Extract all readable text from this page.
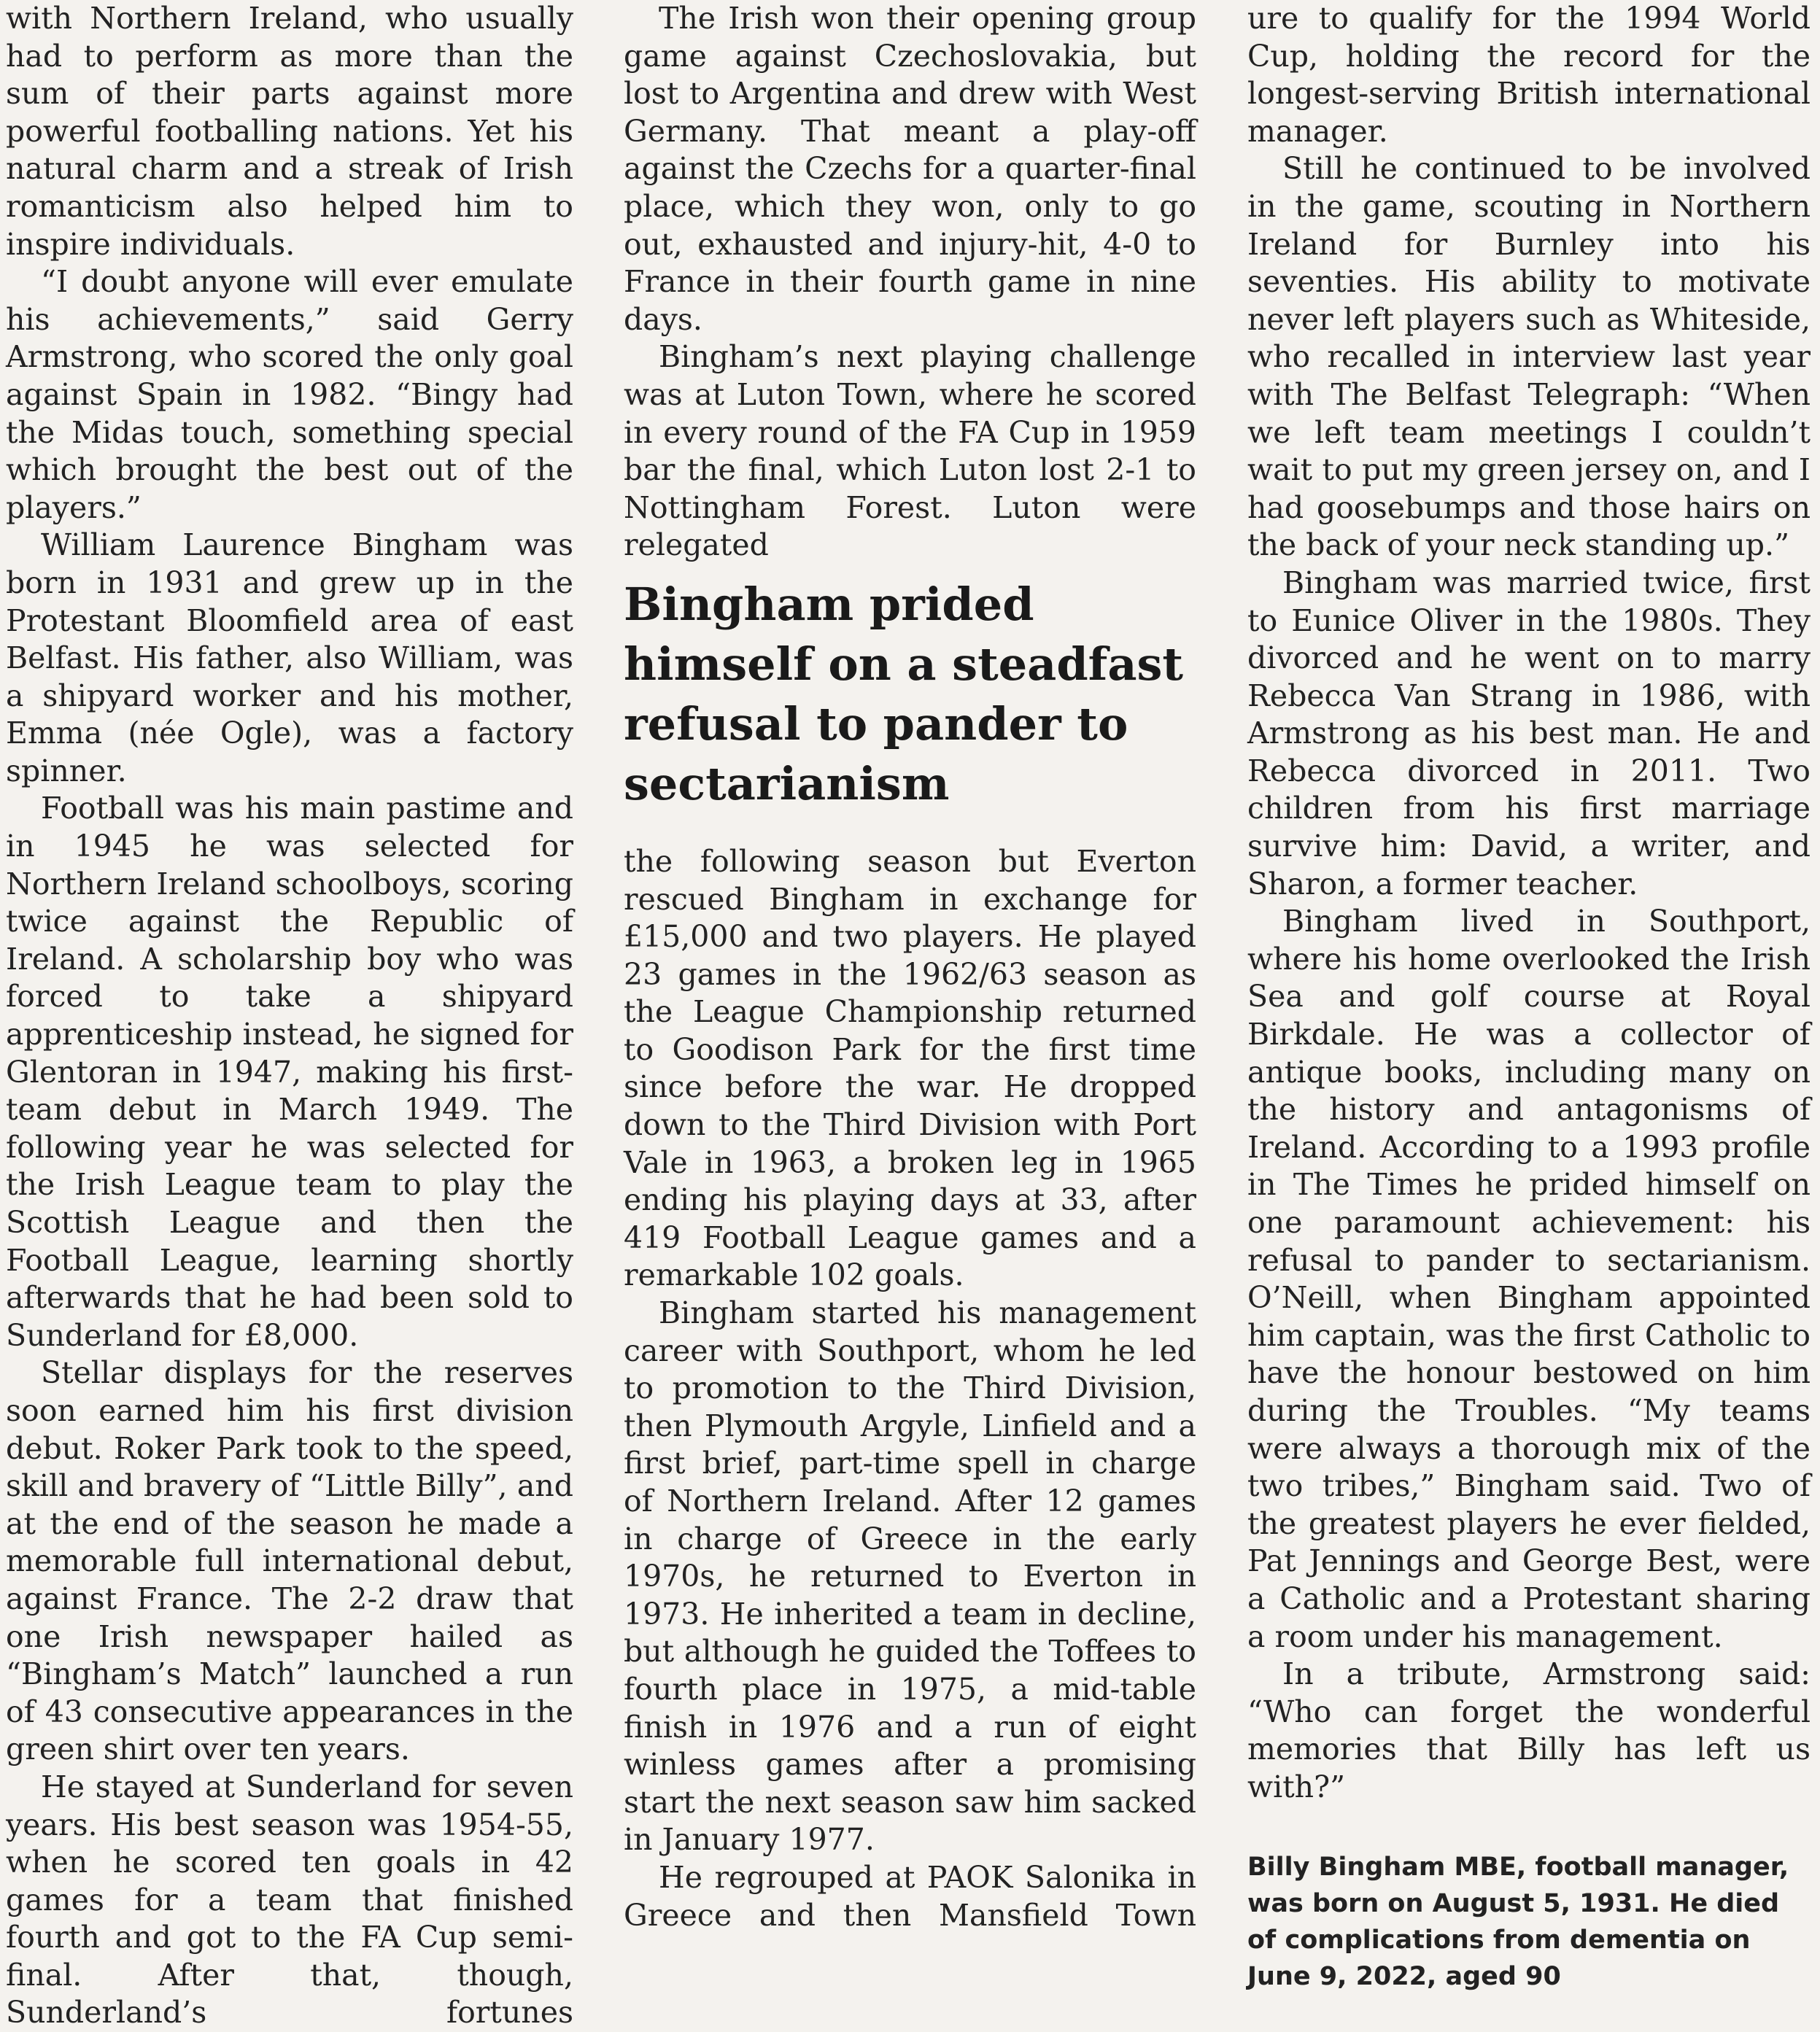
with Northern Ireland, who usually had to perform as more than the sum of their parts against more powerful footballing nations. Yet his natural charm and a streak of Irish romanticism also helped him to inspire individuals.

“I doubt anyone will ever emulate his achievements,” said Gerry Armstrong, who scored the only goal against Spain in 1982. “Bingy had the Midas touch, something special which brought the best out of the players.”

William Laurence Bingham was born in 1931 and grew up in the Protestant Bloomfield area of east Belfast. His father, also William, was a shipyard worker and his mother, Emma (née Ogle), was a factory spinner.

Football was his main pastime and in 1945 he was selected for Northern Ireland schoolboys, scoring twice against the Republic of Ireland. A scholarship boy who was forced to take a shipyard apprenticeship instead, he signed for Glentoran in 1947, making his first-team debut in March 1949. The following year he was selected for the Irish League team to play the Scottish League and then the Football League, learning shortly afterwards that he had been sold to Sunderland for £8,000.

Stellar displays for the reserves soon earned him his first division debut. Roker Park took to the speed, skill and bravery of “Little Billy”, and at the end of the season he made a memorable full international debut, against France. The 2-2 draw that one Irish newspaper hailed as “Bingham’s Match” launched a run of 43 consecutive appearances in the green shirt over ten years.

He stayed at Sunderland for seven years. His best season was 1954-55, when he scored ten goals in 42 games for a team that finished fourth and got to the FA Cup semi-final. After that, though, Sunderland’s fortunes

The Irish won their opening group game against Czechoslovakia, but lost to Argentina and drew with West Germany. That meant a play-off against the Czechs for a quarter-final place, which they won, only to go out, exhausted and injury-hit, 4-0 to France in their fourth game in nine days.

Bingham’s next playing challenge was at Luton Town, where he scored in every round of the FA Cup in 1959 bar the final, which Luton lost 2-1 to Nottingham Forest. Luton were relegated

Bingham prided himself on a steadfast refusal to pander to sectarianism

the following season but Everton rescued Bingham in exchange for £15,000 and two players. He played 23 games in the 1962/63 season as the League Championship returned to Goodison Park for the first time since before the war. He dropped down to the Third Division with Port Vale in 1963, a broken leg in 1965 ending his playing days at 33, after 419 Football League games and a remarkable 102 goals.

Bingham started his management career with Southport, whom he led to promotion to the Third Division, then Plymouth Argyle, Linfield and a first brief, part-time spell in charge of Northern Ireland. After 12 games in charge of Greece in the early 1970s, he returned to Everton in 1973. He inherited a team in decline, but although he guided the Toffees to fourth place in 1975, a mid-table finish in 1976 and a run of eight winless games after a promising start the next season saw him sacked in January 1977.

He regrouped at PAOK Salonika in Greece and then Mansfield Town

ure to qualify for the 1994 World Cup, holding the record for the longest-serving British international manager.

Still he continued to be involved in the game, scouting in Northern Ireland for Burnley into his seventies. His ability to motivate never left players such as Whiteside, who recalled in interview last year with The Belfast Telegraph: “When we left team meetings I couldn’t wait to put my green jersey on, and I had goosebumps and those hairs on the back of your neck standing up.”

Bingham was married twice, first to Eunice Oliver in the 1980s. They divorced and he went on to marry Rebecca Van Strang in 1986, with Armstrong as his best man. He and Rebecca divorced in 2011. Two children from his first marriage survive him: David, a writer, and Sharon, a former teacher.

Bingham lived in Southport, where his home overlooked the Irish Sea and golf course at Royal Birkdale. He was a collector of antique books, including many on the history and antagonisms of Ireland. According to a 1993 profile in The Times he prided himself on one paramount achievement: his refusal to pander to sectarianism. O’Neill, when Bingham appointed him captain, was the first Catholic to have the honour bestowed on him during the Troubles. “My teams were always a thorough mix of the two tribes,” Bingham said. Two of the greatest players he ever fielded, Pat Jennings and George Best, were a Catholic and a Protestant sharing a room under his management.

In a tribute, Armstrong said: “Who can forget the wonderful memories that Billy has left us with?”

Billy Bingham MBE, football manager, was born on August 5, 1931. He died of complications from dementia on June 9, 2022, aged 90
